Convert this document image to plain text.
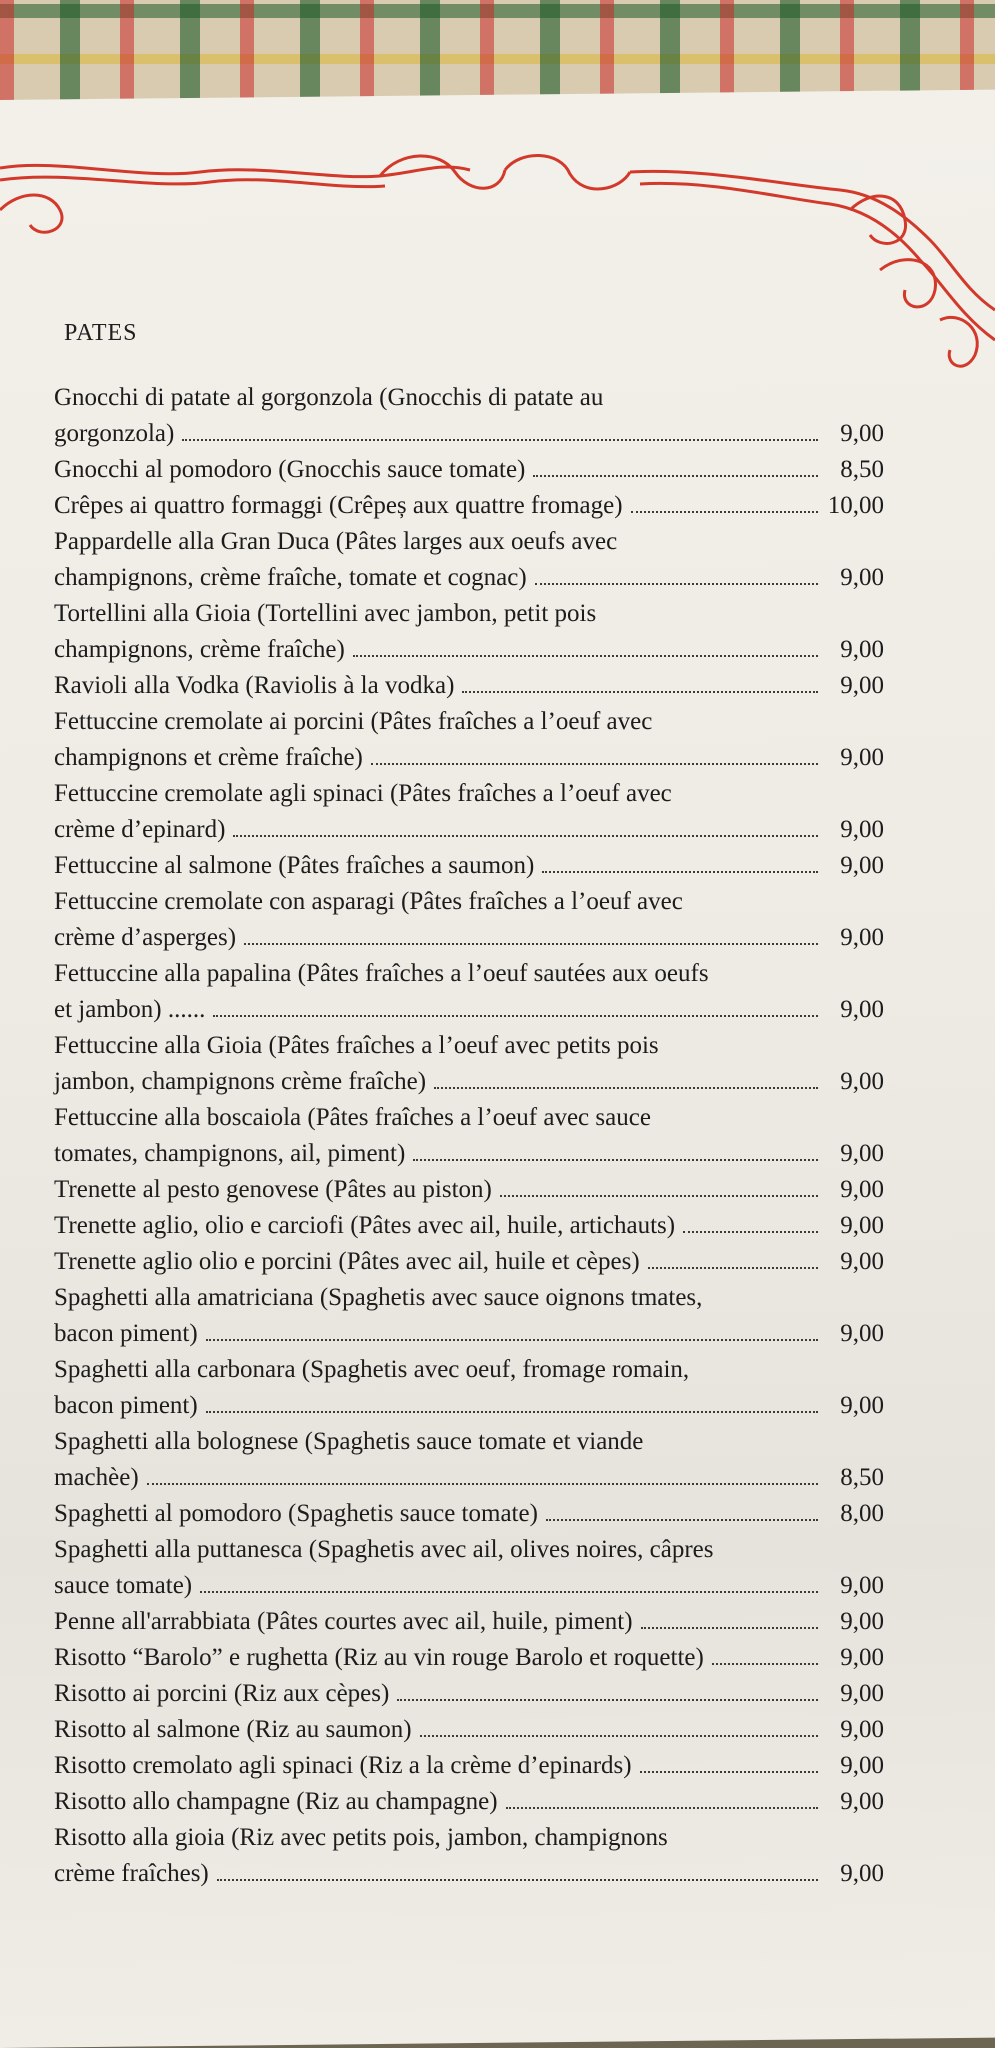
PATES
Gnocchi di patate al gorgonzola (Gnocchis di patate au
gorgonzola)	9,00
Gnocchi al pomodoro (Gnocchis sauce tomate)	8,50
Crêpes ai quattro formaggi (Crêpeș aux quattre fromage)	10,00
Pappardelle alla Gran Duca (Pâtes larges aux oeufs avec
champignons, crème fraîche, tomate et cognac)	9,00
Tortellini alla Gioia (Tortellini avec jambon, petit pois
champignons, crème fraîche)	9,00
Ravioli alla Vodka (Raviolis à la vodka)	9,00
Fettuccine cremolate ai porcini (Pâtes fraîches a l’oeuf avec
champignons et crème fraîche)	9,00
Fettuccine cremolate agli spinaci (Pâtes fraîches a l’oeuf avec
crème d’epinard)	9,00
Fettuccine al salmone (Pâtes fraîches a saumon)	9,00
Fettuccine cremolate con asparagi (Pâtes fraîches a l’oeuf avec
crème d’asperges)	9,00
Fettuccine alla papalina (Pâtes fraîches a l’oeuf sautées aux oeufs
et jambon) ......	9,00
Fettuccine alla Gioia (Pâtes fraîches a l’oeuf avec petits pois
jambon, champignons crème fraîche)	9,00
Fettuccine alla boscaiola (Pâtes fraîches a l’oeuf avec sauce
tomates, champignons, ail, piment)	9,00
Trenette al pesto genovese (Pâtes au piston)	9,00
Trenette aglio, olio e carciofi (Pâtes avec ail, huile, artichauts)	9,00
Trenette aglio olio e porcini (Pâtes avec ail, huile et cèpes)	9,00
Spaghetti alla amatriciana (Spaghetis avec sauce oignons tmates,
bacon piment)	9,00
Spaghetti alla carbonara (Spaghetis avec oeuf, fromage romain,
bacon piment)	9,00
Spaghetti alla bolognese (Spaghetis sauce tomate et viande
machèe)	8,50
Spaghetti al pomodoro (Spaghetis sauce tomate)	8,00
Spaghetti alla puttanesca (Spaghetis avec ail, olives noires, câpres
sauce tomate)	9,00
Penne all'arrabbiata (Pâtes courtes avec ail, huile, piment)	9,00
Risotto “Barolo” e rughetta (Riz au vin rouge Barolo et roquette)	9,00
Risotto ai porcini (Riz aux cèpes)	9,00
Risotto al salmone (Riz au saumon)	9,00
Risotto cremolato agli spinaci (Riz a la crème d’epinards)	9,00
Risotto allo champagne (Riz au champagne)	9,00
Risotto alla gioia (Riz avec petits pois, jambon, champignons
crème fraîches)	9,00
